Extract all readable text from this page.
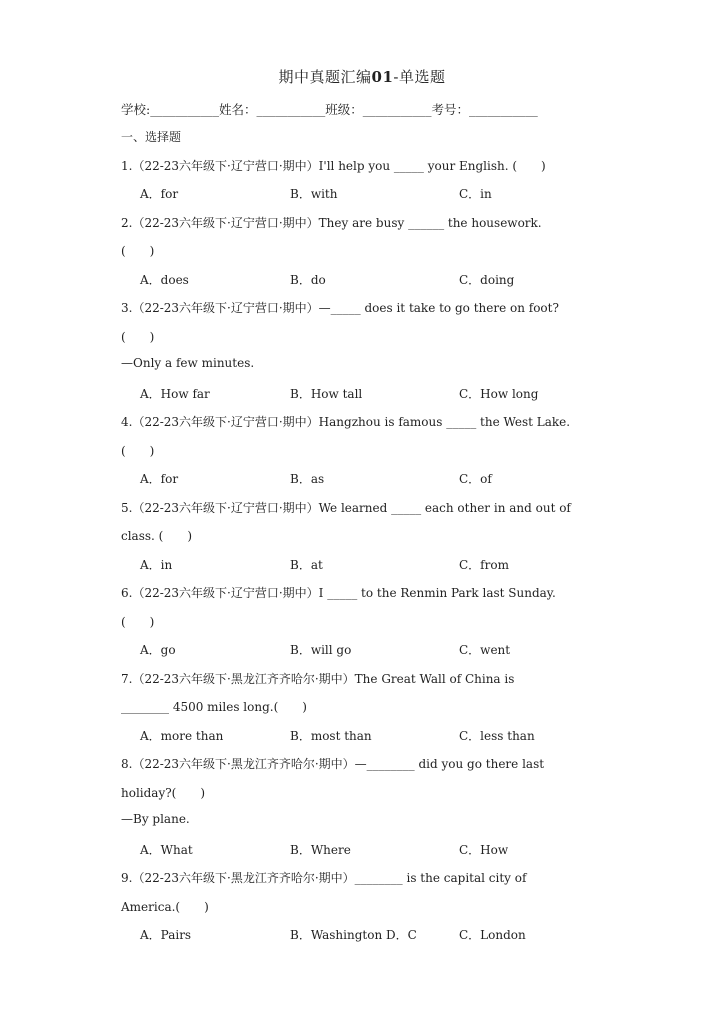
期中真题汇编01-单选题
学校:___________姓名：___________班级：___________考号：___________
一、选择题
1.（22-23六年级下·辽宁营口·期中）I'll help you _____ your English. (　　)
A．for	B．with	C．in
2.（22-23六年级下·辽宁营口·期中）They are busy ______ the housework.
(　　)
A．does	B．do	C．doing
3.（22-23六年级下·辽宁营口·期中）—_____ does it take to go there on foot?
(　　)
—Only a few minutes.
A．How far	B．How tall	C．How long
4.（22-23六年级下·辽宁营口·期中）Hangzhou is famous _____ the West Lake.
(　　)
A．for	B．as	C．of
5.（22-23六年级下·辽宁营口·期中）We learned _____ each other in and out of
class. (　　)
A．in	B．at	C．from
6.（22-23六年级下·辽宁营口·期中）I _____ to the Renmin Park last Sunday.
(　　)
A．go	B．will go	C．went
7.（22-23六年级下·黑龙江齐齐哈尔·期中）The Great Wall of China is
________ 4500 miles long.(　　)
A．more than	B．most than	C．less than
8.（22-23六年级下·黑龙江齐齐哈尔·期中）—________ did you go there last
holiday?(　　)
—By plane.
A．What	B．Where	C．How
9.（22-23六年级下·黑龙江齐齐哈尔·期中）________ is the capital city of
America.(　　)
A．Pairs	B．Washington D．C	C．London
